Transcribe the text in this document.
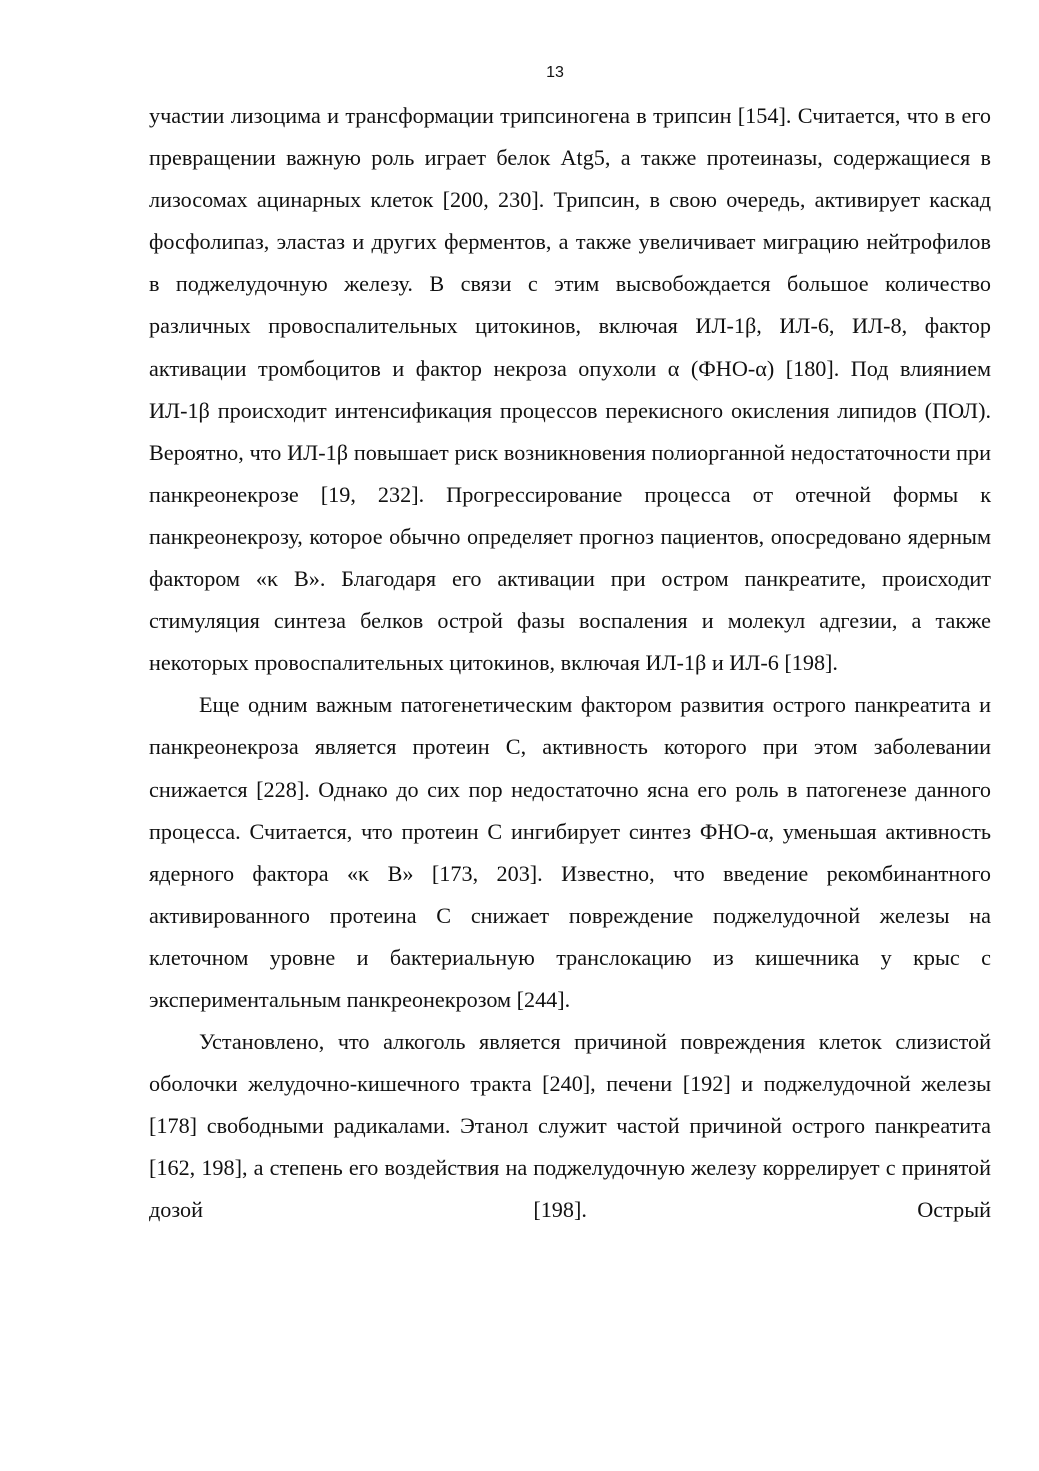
13

участии лизоцима и трансформации трипсиногена в трипсин [154]. Считается, что в его превращении важную роль играет белок Atg5, а также протеиназы, содержащиеся в лизосомах ацинарных клеток [200, 230]. Трипсин, в свою очередь, активирует каскад фосфолипаз, эластаз и других ферментов, а также увеличивает миграцию нейтрофилов в поджелудочную железу. В связи с этим высвобождается большое количество различных провоспалительных цитокинов, включая ИЛ-1β, ИЛ-6, ИЛ-8, фактор активации тромбоцитов и фактор некроза опухоли α (ФНО-α) [180]. Под влиянием ИЛ-1β происходит интенсификация процессов перекисного окисления липидов (ПОЛ). Вероятно, что ИЛ-1β повышает риск возникновения полиорганной недостаточности при панкреонекрозе [19, 232]. Прогрессирование процесса от отечной формы к панкреонекрозу, которое обычно определяет прогноз пациентов, опосредовано ядерным фактором «κ B». Благодаря его активации при остром панкреатите, происходит стимуляция синтеза белков острой фазы воспаления и молекул адгезии, а также некоторых провоспалительных цитокинов, включая ИЛ-1β и ИЛ-6 [198].

Еще одним важным патогенетическим фактором развития острого панкреатита и панкреонекроза является протеин С, активность которого при этом заболевании снижается [228]. Однако до сих пор недостаточно ясна его роль в патогенезе данного процесса. Считается, что протеин С ингибирует синтез ФНО-α, уменьшая активность ядерного фактора «κ B» [173, 203]. Известно, что введение рекомбинантного активированного протеина С снижает повреждение поджелудочной железы на клеточном уровне и бактериальную транслокацию из кишечника у крыс с экспериментальным панкреонекрозом [244].

Установлено, что алкоголь является причиной повреждения клеток слизистой оболочки желудочно-кишечного тракта [240], печени [192] и поджелудочной железы [178] свободными радикалами. Этанол служит частой причиной острого панкреатита [162, 198], а степень его воздействия на поджелудочную железу коррелирует с принятой дозой [198]. Острый
